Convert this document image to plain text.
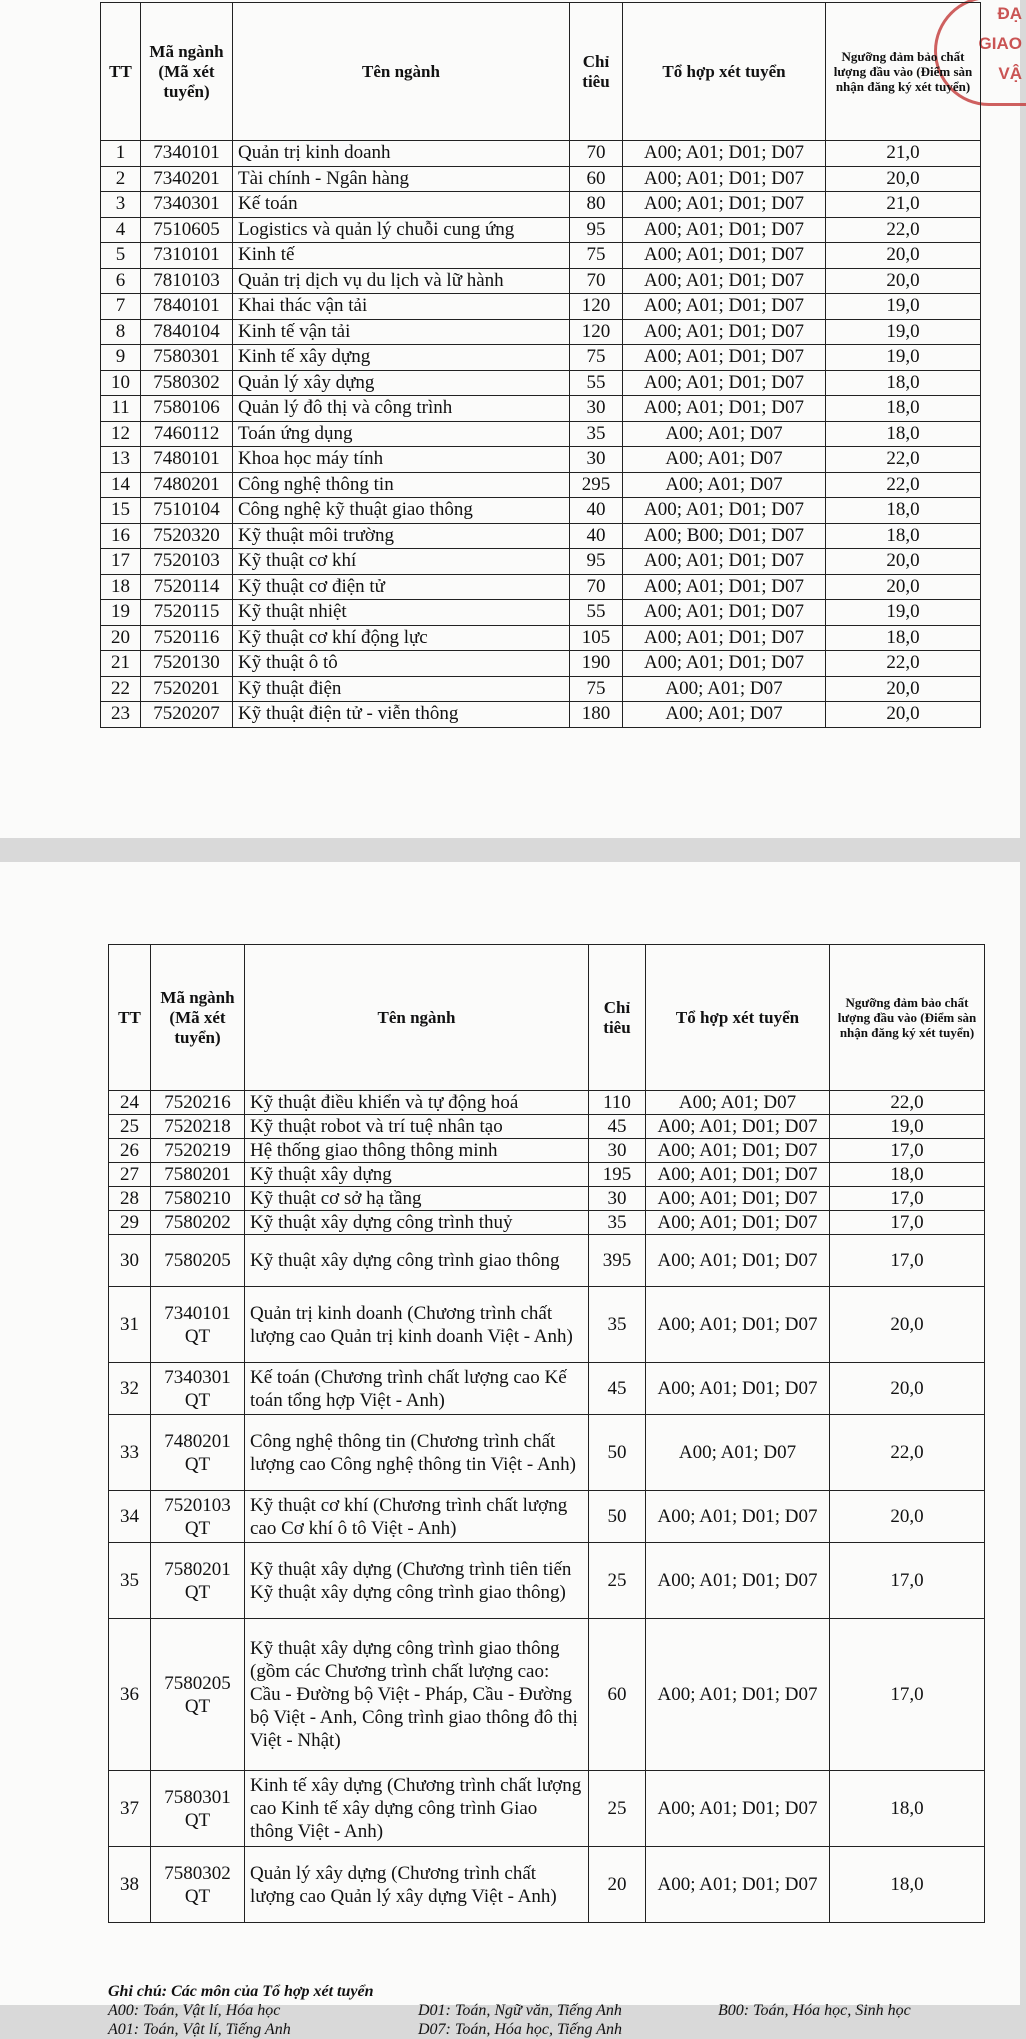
ĐẠ
GIAO
VẬ
TT	Mã ngành (Mã xét tuyển)	Tên ngành	Chỉ tiêu	Tổ hợp xét tuyển	Ngưỡng đảm bảo chất lượng đầu vào (Điểm sàn nhận đăng ký xét tuyển)
1	7340101	Quản trị kinh doanh	70	A00; A01; D01; D07	21,0
2	7340201	Tài chính - Ngân hàng	60	A00; A01; D01; D07	20,0
3	7340301	Kế toán	80	A00; A01; D01; D07	21,0
4	7510605	Logistics và quản lý chuỗi cung ứng	95	A00; A01; D01; D07	22,0
5	7310101	Kinh tế	75	A00; A01; D01; D07	20,0
6	7810103	Quản trị dịch vụ du lịch và lữ hành	70	A00; A01; D01; D07	20,0
7	7840101	Khai thác vận tải	120	A00; A01; D01; D07	19,0
8	7840104	Kinh tế vận tải	120	A00; A01; D01; D07	19,0
9	7580301	Kinh tế xây dựng	75	A00; A01; D01; D07	19,0
10	7580302	Quản lý xây dựng	55	A00; A01; D01; D07	18,0
11	7580106	Quản lý đô thị và công trình	30	A00; A01; D01; D07	18,0
12	7460112	Toán ứng dụng	35	A00; A01; D07	18,0
13	7480101	Khoa học máy tính	30	A00; A01; D07	22,0
14	7480201	Công nghệ thông tin	295	A00; A01; D07	22,0
15	7510104	Công nghệ kỹ thuật giao thông	40	A00; A01; D01; D07	18,0
16	7520320	Kỹ thuật môi trường	40	A00; B00; D01; D07	18,0
17	7520103	Kỹ thuật cơ khí	95	A00; A01; D01; D07	20,0
18	7520114	Kỹ thuật cơ điện tử	70	A00; A01; D01; D07	20,0
19	7520115	Kỹ thuật nhiệt	55	A00; A01; D01; D07	19,0
20	7520116	Kỹ thuật cơ khí động lực	105	A00; A01; D01; D07	18,0
21	7520130	Kỹ thuật ô tô	190	A00; A01; D01; D07	22,0
22	7520201	Kỹ thuật điện	75	A00; A01; D07	20,0
23	7520207	Kỹ thuật điện tử - viễn thông	180	A00; A01; D07	20,0
TT	Mã ngành (Mã xét tuyển)	Tên ngành	Chỉ tiêu	Tổ hợp xét tuyển	Ngưỡng đảm bảo chất lượng đầu vào (Điểm sàn nhận đăng ký xét tuyển)
24	7520216	Kỹ thuật điều khiển và tự động hoá	110	A00; A01; D07	22,0
25	7520218	Kỹ thuật robot và trí tuệ nhân tạo	45	A00; A01; D01; D07	19,0
26	7520219	Hệ thống giao thông thông minh	30	A00; A01; D01; D07	17,0
27	7580201	Kỹ thuật xây dựng	195	A00; A01; D01; D07	18,0
28	7580210	Kỹ thuật cơ sở hạ tầng	30	A00; A01; D01; D07	17,0
29	7580202	Kỹ thuật xây dựng công trình thuỷ	35	A00; A01; D01; D07	17,0
30	7580205	Kỹ thuật xây dựng công trình giao thông	395	A00; A01; D01; D07	17,0
31	7340101 QT	Quản trị kinh doanh (Chương trình chất lượng cao Quản trị kinh doanh Việt - Anh)	35	A00; A01; D01; D07	20,0
32	7340301 QT	Kế toán (Chương trình chất lượng cao Kế toán tổng hợp Việt - Anh)	45	A00; A01; D01; D07	20,0
33	7480201 QT	Công nghệ thông tin (Chương trình chất lượng cao Công nghệ thông tin Việt - Anh)	50	A00; A01; D07	22,0
34	7520103 QT	Kỹ thuật cơ khí (Chương trình chất lượng cao Cơ khí ô tô Việt - Anh)	50	A00; A01; D01; D07	20,0
35	7580201 QT	Kỹ thuật xây dựng (Chương trình tiên tiến Kỹ thuật xây dựng công trình giao thông)	25	A00; A01; D01; D07	17,0
36	7580205 QT	Kỹ thuật xây dựng công trình giao thông (gồm các Chương trình chất lượng cao: Cầu - Đường bộ Việt - Pháp, Cầu - Đường bộ Việt - Anh, Công trình giao thông đô thị Việt - Nhật)	60	A00; A01; D01; D07	17,0
37	7580301 QT	Kinh tế xây dựng (Chương trình chất lượng cao Kinh tế xây dựng công trình Giao thông Việt - Anh)	25	A00; A01; D01; D07	18,0
38	7580302 QT	Quản lý xây dựng (Chương trình chất lượng cao Quản lý xây dựng Việt - Anh)	20	A00; A01; D01; D07	18,0
Ghi chú: Các môn của Tổ hợp xét tuyển
A00: Toán, Vật lí, Hóa học	D01: Toán, Ngữ văn, Tiếng Anh	B00: Toán, Hóa học, Sinh học
A01: Toán, Vật lí, Tiếng Anh	D07: Toán, Hóa học, Tiếng Anh
